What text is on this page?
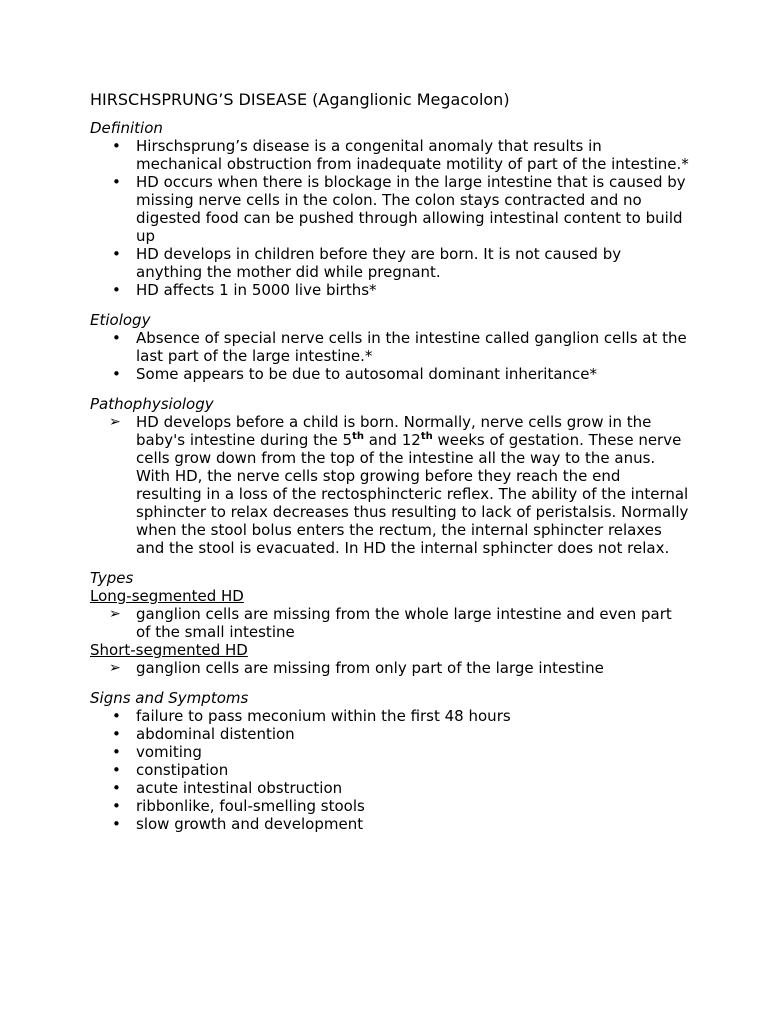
HIRSCHSPRUNG’S DISEASE (Aganglionic Megacolon)

Definition

• Hirschsprung’s disease is a congenital anomaly that results in mechanical obstruction from inadequate motility of part of the intestine.*
• HD occurs when there is blockage in the large intestine that is caused by missing nerve cells in the colon. The colon stays contracted and no digested food can be pushed through allowing intestinal content to build up
• HD develops in children before they are born. It is not caused by anything the mother did while pregnant.
• HD affects 1 in 5000 live births*

Etiology

• Absence of special nerve cells in the intestine called ganglion cells at the last part of the large intestine.*
• Some appears to be due to autosomal dominant inheritance*

Pathophysiology

➢ HD develops before a child is born. Normally, nerve cells grow in the baby's intestine during the 5th and 12th weeks of gestation. These nerve cells grow down from the top of the intestine all the way to the anus. With HD, the nerve cells stop growing before they reach the end resulting in a loss of the rectosphincteric reflex. The ability of the internal sphincter to relax decreases thus resulting to lack of peristalsis. Normally when the stool bolus enters the rectum, the internal sphincter relaxes and the stool is evacuated. In HD the internal sphincter does not relax.

Types

Long-segmented HD

➢ ganglion cells are missing from the whole large intestine and even part of the small intestine

Short-segmented HD

➢ ganglion cells are missing from only part of the large intestine

Signs and Symptoms

• failure to pass meconium within the first 48 hours
• abdominal distention
• vomiting
• constipation
• acute intestinal obstruction
• ribbonlike, foul-smelling stools
• slow growth and development
